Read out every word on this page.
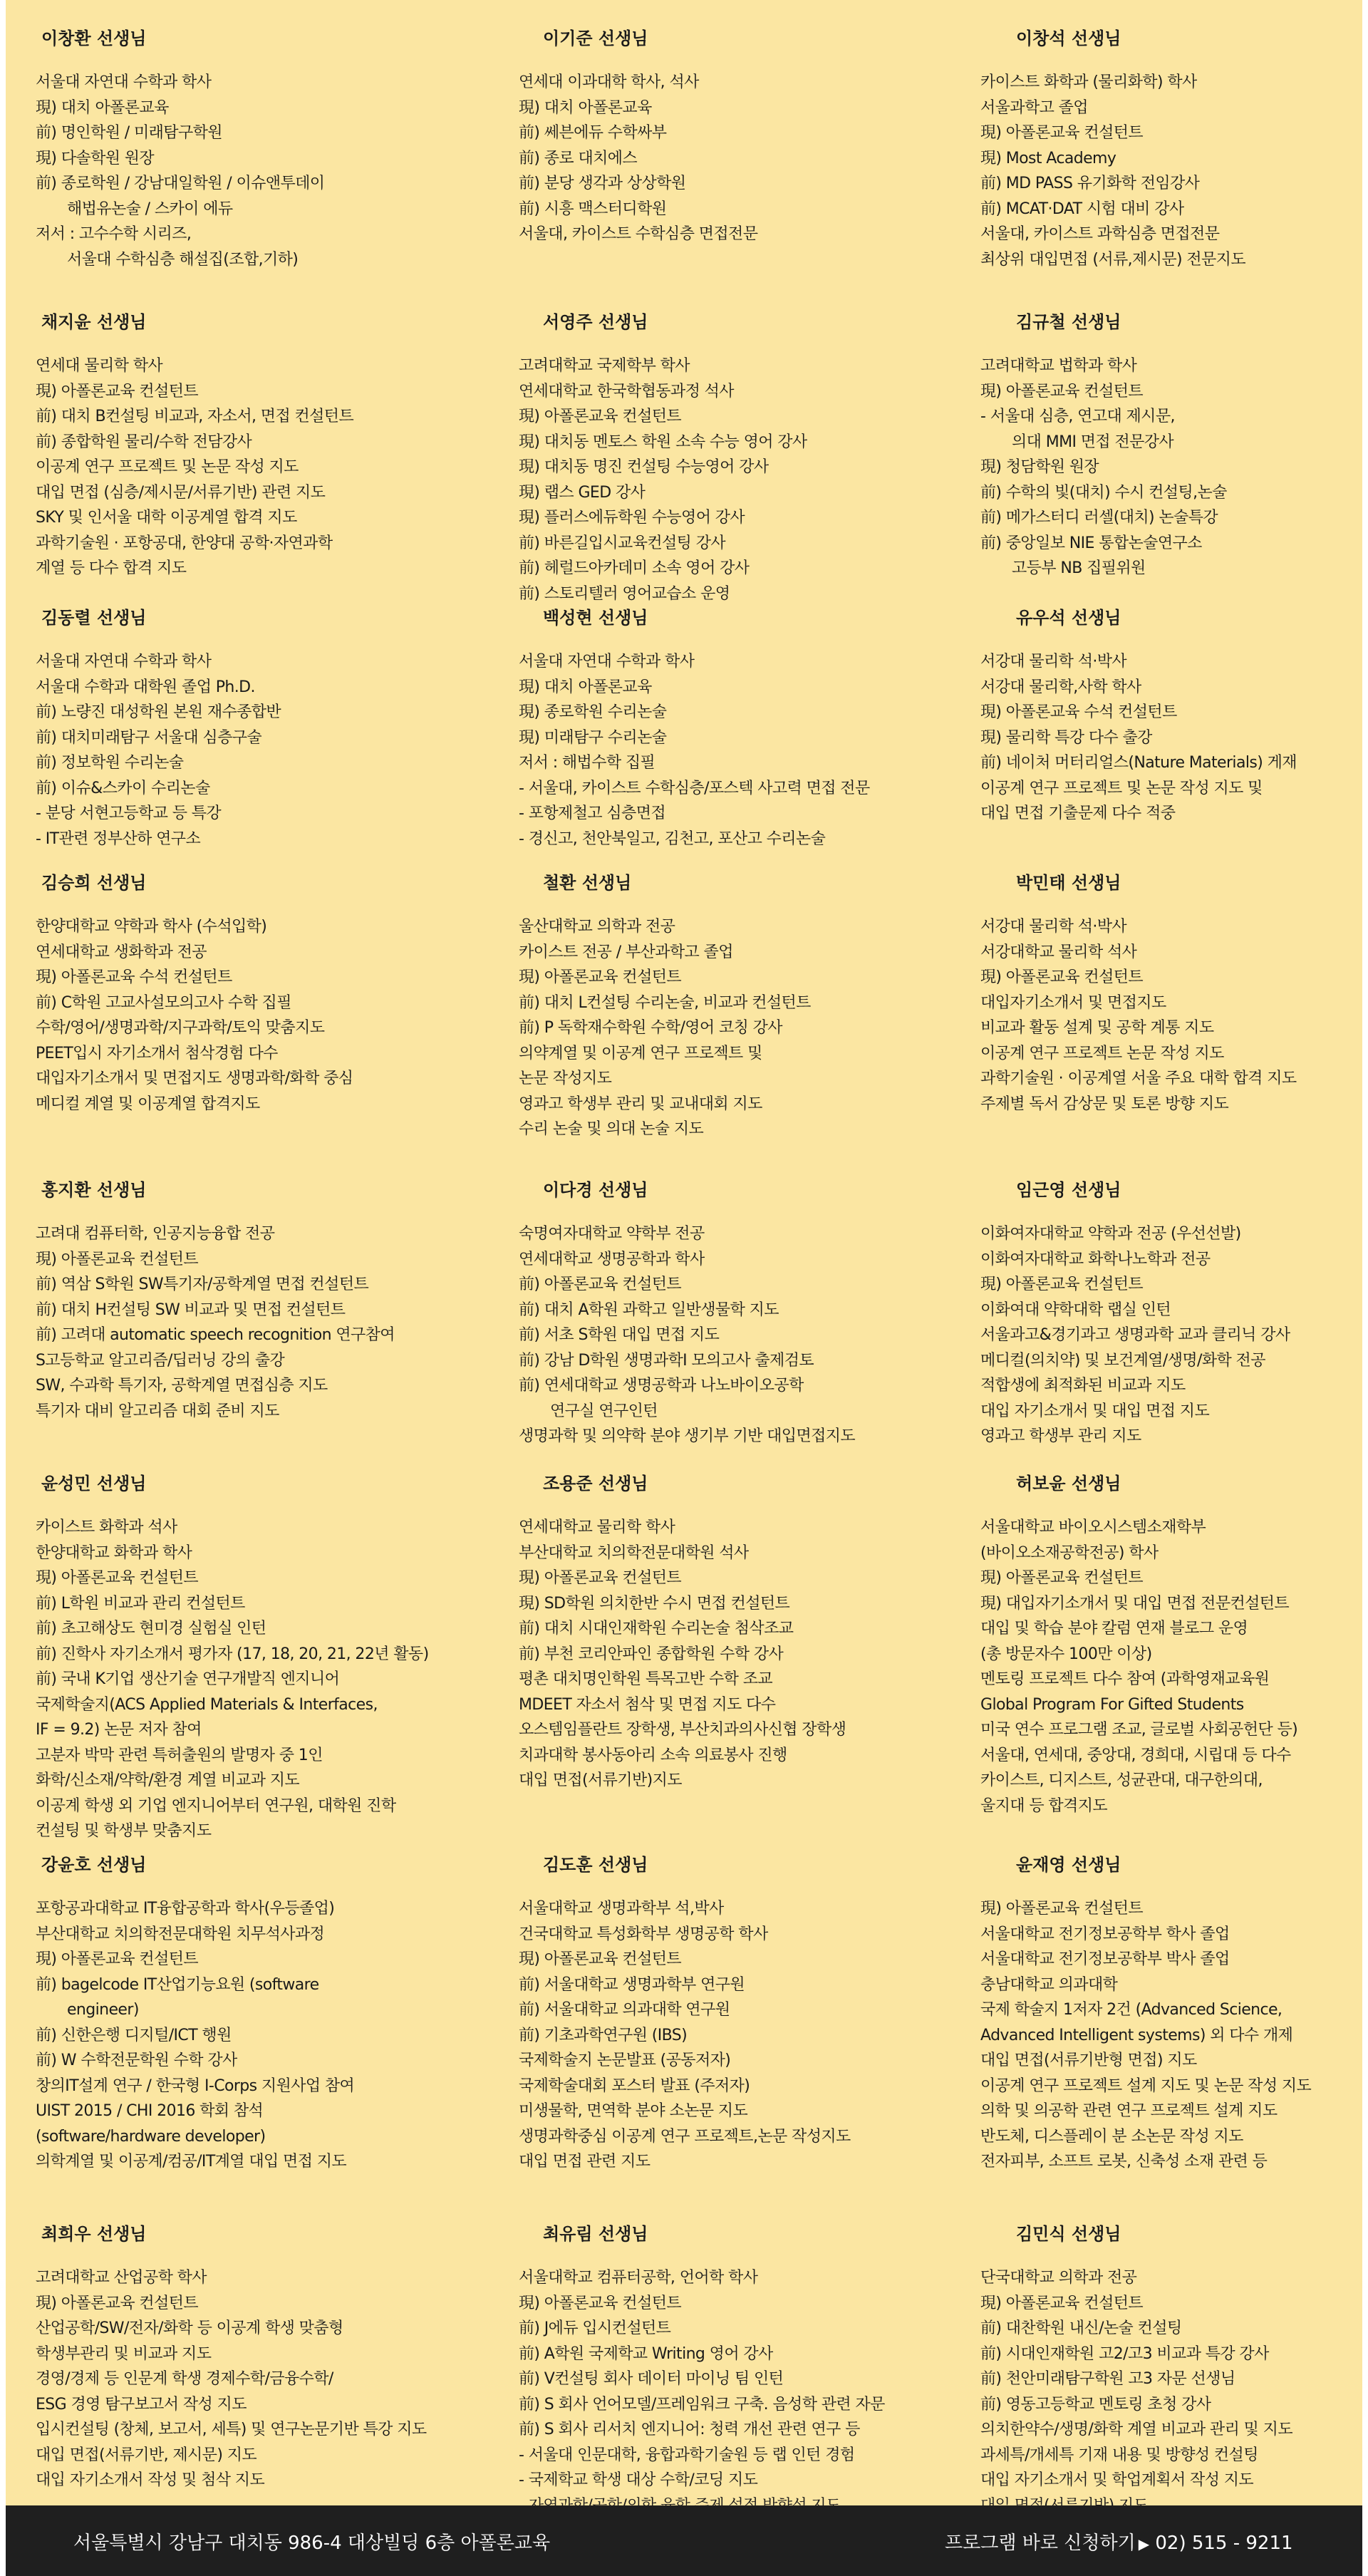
이창환 선생님
서울대 자연대 수학과 학사
現) 대치 아폴론교육
前) 명인학원 / 미래탐구학원
現) 다솔학원 원장
前) 종로학원 / 강남대일학원 / 이슈앤투데이
해법유논술 / 스카이 에듀
저서 : 고수수학 시리즈,
서울대 수학심층 해설집(조합,기하)
이기준 선생님
연세대 이과대학 학사, 석사
現) 대치 아폴론교육
前) 쎄븐에듀 수학싸부
前) 종로 대치에스
前) 분당 생각과 상상학원
前) 시흥 맥스터디학원
서울대, 카이스트 수학심층 면접전문
이창석 선생님
카이스트 화학과 (물리화학) 학사
서울과학고 졸업
現) 아폴론교육 컨설턴트
現) Most Academy
前) MD PASS 유기화학 전임강사
前) MCAT·DAT 시험 대비 강사
서울대, 카이스트 과학심층 면접전문
최상위 대입면접 (서류,제시문) 전문지도
채지윤 선생님
연세대 물리학 학사
現) 아폴론교육 컨설턴트
前) 대치 B컨설팅 비교과, 자소서, 면접 컨설턴트
前) 종합학원 물리/수학 전담강사
이공계 연구 프로젝트 및 논문 작성 지도
대입 면접 (심층/제시문/서류기반) 관련 지도
SKY 및 인서울 대학 이공계열 합격 지도
과학기술원 · 포항공대, 한양대 공학·자연과학
계열 등 다수 합격 지도
서영주 선생님
고려대학교 국제학부 학사
연세대학교 한국학협동과정 석사
現) 아폴론교육 컨설턴트
現) 대치동 멘토스 학원 소속 수능 영어 강사
現) 대치동 명진 컨설팅 수능영어 강사
現) 랩스 GED 강사
現) 플러스에듀학원 수능영어 강사
前) 바른길입시교육컨설팅 강사
前) 헤럴드아카데미 소속 영어 강사
前) 스토리텔러 영어교습소 운영
김규철 선생님
고려대학교 법학과 학사
現) 아폴론교육 컨설턴트
- 서울대 심층, 연고대 제시문,
의대 MMI 면접 전문강사
現) 청담학원 원장
前) 수학의 빛(대치) 수시 컨설팅,논술
前) 메가스터디 러셀(대치) 논술특강
前) 중앙일보 NIE 통합논술연구소
고등부 NB 집필위원
김동렬 선생님
서울대 자연대 수학과 학사
서울대 수학과 대학원 졸업 Ph.D.
前) 노량진 대성학원 본원 재수종합반
前) 대치미래탐구 서울대 심층구술
前) 정보학원 수리논술
前) 이슈&스카이 수리논술
- 분당 서현고등학교 등 특강
- IT관련 정부산하 연구소
백성현 선생님
서울대 자연대 수학과 학사
現) 대치 아폴론교육
現) 종로학원 수리논술
現) 미래탐구 수리논술
저서 : 해법수학 집필
- 서울대, 카이스트 수학심층/포스텍 사고력 면접 전문
- 포항제철고 심층면접
- 경신고, 천안북일고, 김천고, 포산고 수리논술
유우석 선생님
서강대 물리학 석·박사
서강대 물리학,사학 학사
現) 아폴론교육 수석 컨설턴트
現) 물리학 특강 다수 출강
前) 네이처 머터리얼스(Nature Materials) 게재
이공계 연구 프로젝트 및 논문 작성 지도 및
대입 면접 기출문제 다수 적중
김승희 선생님
한양대학교 약학과 학사 (수석입학)
연세대학교 생화학과 전공
現) 아폴론교육 수석 컨설턴트
前) C학원 고교사설모의고사 수학 집필
수학/영어/생명과학/지구과학/토익 맞춤지도
PEET입시 자기소개서 첨삭경험 다수
대입자기소개서 및 면접지도 생명과학/화학 중심
메디컬 계열 및 이공계열 합격지도
철환 선생님
울산대학교 의학과 전공
카이스트 전공 / 부산과학고 졸업
現) 아폴론교육 컨설턴트
前) 대치 L컨설팅 수리논술, 비교과 컨설턴트
前) P 독학재수학원 수학/영어 코칭 강사
의약계열 및 이공계 연구 프로젝트 및
논문 작성지도
영과고 학생부 관리 및 교내대회 지도
수리 논술 및 의대 논술 지도
박민태 선생님
서강대 물리학 석·박사
서강대학교 물리학 석사
現) 아폴론교육 컨설턴트
대입자기소개서 및 면접지도
비교과 활동 설계 및 공학 계통 지도
이공계 연구 프로젝트 논문 작성 지도
과학기술원 · 이공계열 서울 주요 대학 합격 지도
주제별 독서 감상문 및 토론 방향 지도
홍지환 선생님
고려대 컴퓨터학, 인공지능융합 전공
現) 아폴론교육 컨설턴트
前) 역삼 S학원 SW특기자/공학계열 면접 컨설턴트
前) 대치 H컨설팅 SW 비교과 및 면접 컨설턴트
前) 고려대 automatic speech recognition 연구참여
S고등학교 알고리즘/딥러닝 강의 출강
SW, 수과학 특기자, 공학계열 면접심층 지도
특기자 대비 알고리즘 대회 준비 지도
이다경 선생님
숙명여자대학교 약학부 전공
연세대학교 생명공학과 학사
前) 아폴론교육 컨설턴트
前) 대치 A학원 과학고 일반생물학 지도
前) 서초 S학원 대입 면접 지도
前) 강남 D학원 생명과학I 모의고사 출제검토
前) 연세대학교 생명공학과 나노바이오공학
연구실 연구인턴
생명과학 및 의약학 분야 생기부 기반 대입면접지도
임근영 선생님
이화여자대학교 약학과 전공 (우선선발)
이화여자대학교 화학나노학과 전공
現) 아폴론교육 컨설턴트
이화여대 약학대학 랩실 인턴
서울과고&경기과고 생명과학 교과 클리닉 강사
메디컬(의치약) 및 보건계열/생명/화학 전공
적합생에 최적화된 비교과 지도
대입 자기소개서 및 대입 면접 지도
영과고 학생부 관리 지도
윤성민 선생님
카이스트 화학과 석사
한양대학교 화학과 학사
現) 아폴론교육 컨설턴트
前) L학원 비교과 관리 컨설턴트
前) 초고해상도 현미경 실험실 인턴
前) 진학사 자기소개서 평가자 (17, 18, 20, 21, 22년 활동)
前) 국내 K기업 생산기술 연구개발직 엔지니어
국제학술지(ACS Applied Materials & Interfaces,
IF = 9.2) 논문 저자 참여
고분자 박막 관련 특허출원의 발명자 중 1인
화학/신소재/약학/환경 계열 비교과 지도
이공계 학생 외 기업 엔지니어부터 연구원, 대학원 진학
컨설팅 및 학생부 맞춤지도
조용준 선생님
연세대학교 물리학 학사
부산대학교 치의학전문대학원 석사
現) 아폴론교육 컨설턴트
現) SD학원 의치한반 수시 면접 컨설턴트
前) 대치 시대인재학원 수리논술 첨삭조교
前) 부천 코리안파인 종합학원 수학 강사
평촌 대치명인학원 특목고반 수학 조교
MDEET 자소서 첨삭 및 면접 지도 다수
오스템임플란트 장학생, 부산치과의사신협 장학생
치과대학 봉사동아리 소속 의료봉사 진행
대입 면접(서류기반)지도
허보윤 선생님
서울대학교 바이오시스템소재학부
(바이오소재공학전공) 학사
現) 아폴론교육 컨설턴트
現) 대입자기소개서 및 대입 면접 전문컨설턴트
대입 및 학습 분야 칼럼 연재 블로그 운영
(총 방문자수 100만 이상)
멘토링 프로젝트 다수 참여 (과학영재교육원
Global Program For Gifted Students
미국 연수 프로그램 조교, 글로벌 사회공헌단 등)
서울대, 연세대, 중앙대, 경희대, 시립대 등 다수
카이스트, 디지스트, 성균관대, 대구한의대,
울지대 등 합격지도
강윤호 선생님
포항공과대학교 IT융합공학과 학사(우등졸업)
부산대학교 치의학전문대학원 치무석사과정
現) 아폴론교육 컨설턴트
前) bagelcode IT산업기능요원 (software
engineer)
前) 신한은행 디지털/ICT 행원
前) W 수학전문학원 수학 강사
창의IT설계 연구 / 한국형 I-Corps 지원사업 참여
UIST 2015 / CHI 2016 학회 참석
(software/hardware developer)
의학계열 및 이공계/컴공/IT계열 대입 면접 지도
김도훈 선생님
서울대학교 생명과학부 석,박사
건국대학교 특성화학부 생명공학 학사
現) 아폴론교육 컨설턴트
前) 서울대학교 생명과학부 연구원
前) 서울대학교 의과대학 연구원
前) 기초과학연구원 (IBS)
국제학술지 논문발표 (공동저자)
국제학술대회 포스터 발표 (주저자)
미생물학, 면역학 분야 소논문 지도
생명과학중심 이공계 연구 프로젝트,논문 작성지도
대입 면접 관련 지도
윤재영 선생님
現) 아폴론교육 컨설턴트
서울대학교 전기정보공학부 학사 졸업
서울대학교 전기정보공학부 박사 졸업
충남대학교 의과대학
국제 학술지 1저자 2건 (Advanced Science,
Advanced Intelligent systems) 외 다수 개제
대입 면접(서류기반형 면접) 지도
이공계 연구 프로젝트 설계 지도 및 논문 작성 지도
의학 및 의공학 관련 연구 프로젝트 설계 지도
반도체, 디스플레이 분 소논문 작성 지도
전자피부, 소프트 로봇, 신축성 소재 관련 등
최희우 선생님
고려대학교 산업공학 학사
現) 아폴론교육 컨설턴트
산업공학/SW/전자/화학 등 이공계 학생 맞춤형
학생부관리 및 비교과 지도
경영/경제 등 인문계 학생 경제수학/금융수학/
ESG 경영 탐구보고서 작성 지도
입시컨설팅 (창체, 보고서, 세특) 및 연구논문기반 특강 지도
대입 면접(서류기반, 제시문) 지도
대입 자기소개서 작성 및 첨삭 지도
최유림 선생님
서울대학교 컴퓨터공학, 언어학 학사
現) 아폴론교육 컨설턴트
前) J에듀 입시컨설턴트
前) A학원 국제학교 Writing 영어 강사
前) V컨설팅 회사 데이터 마이닝 팀 인턴
前) S 회사 언어모델/프레임워크 구축. 음성학 관련 자문
前) S 회사 리서치 엔지니어: 청력 개선 관련 연구 등
- 서울대 인문대학, 융합과학기술원 등 랩 인턴 경험
- 국제학교 학생 대상 수학/코딩 지도
김민식 선생님
단국대학교 의학과 전공
現) 아폴론교육 컨설턴트
前) 대찬학원 내신/논술 컨설팅
前) 시대인재학원 고2/고3 비교과 특강 강사
前) 천안미래탐구학원 고3 자문 선생님
前) 영동고등학교 멘토링 초청 강사
의치한약수/생명/화학 계열 비교과 관리 및 지도
과세특/개세특 기재 내용 및 방향성 컨설팅
대입 자기소개서 및 학업계획서 작성 지도
서울특별시 강남구 대치동 986-4 대상빌딩 6층 아폴론교육	프로그램 바로 신청하기 ▶ 02) 515 - 9211
